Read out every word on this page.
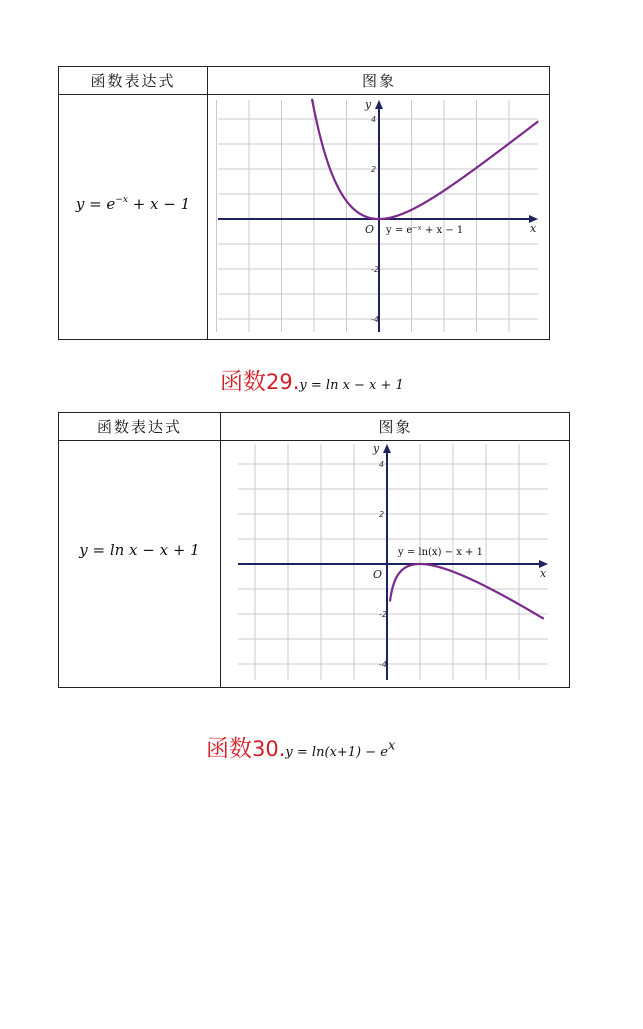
函数表达式	图象
$y = e^{-x} + x - 1$
x
y
O
4
2
-2
-4
y = e⁻ˣ + x − 1
函数29.y = ln x − x + 1
函数表达式	图象
y = ln x − x + 1
x
y
O
4
2
-2
-4
y = ln(x) − x + 1
函数$30.y = \ln(x+1) - e^x$
